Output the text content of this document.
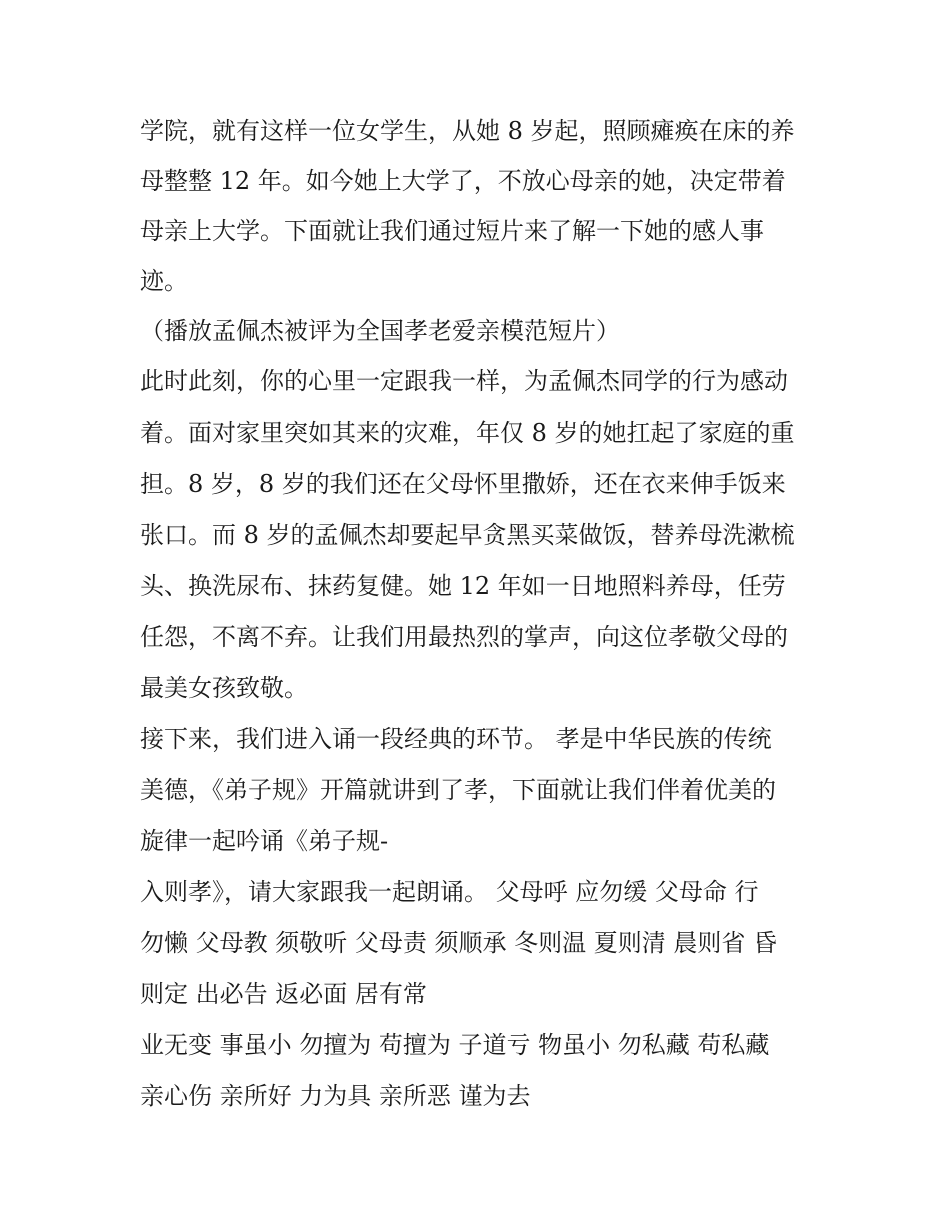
学院，就有这样一位女学生，从她 8 岁起，照顾瘫痪在床的养
母整整 12 年。如今她上大学了，不放心母亲的她，决定带着
母亲上大学。下面就让我们通过短片来了解一下她的感人事
迹。
（播放孟佩杰被评为全国孝老爱亲模范短片）
此时此刻，你的心里一定跟我一样，为孟佩杰同学的行为感动
着。面对家里突如其来的灾难，年仅 8 岁的她扛起了家庭的重
担。8 岁，8 岁的我们还在父母怀里撒娇，还在衣来伸手饭来
张口。而 8 岁的孟佩杰却要起早贪黑买菜做饭，替养母洗漱梳
头、换洗尿布、抹药复健。她 12 年如一日地照料养母，任劳
任怨，不离不弃。让我们用最热烈的掌声，向这位孝敬父母的
最美女孩致敬。
接下来，我们进入诵一段经典的环节。 孝是中华民族的传统
美德，《弟子规》开篇就讲到了孝，下面就让我们伴着优美的
旋律一起吟诵《弟子规-
入则孝》，请大家跟我一起朗诵。 父母呼 应勿缓 父母命 行
勿懒 父母教 须敬听 父母责 须顺承 冬则温 夏则清 晨则省 昏
则定 出必告 返必面 居有常
业无变 事虽小 勿擅为 苟擅为 子道亏 物虽小 勿私藏 苟私藏
亲心伤 亲所好 力为具 亲所恶 谨为去
